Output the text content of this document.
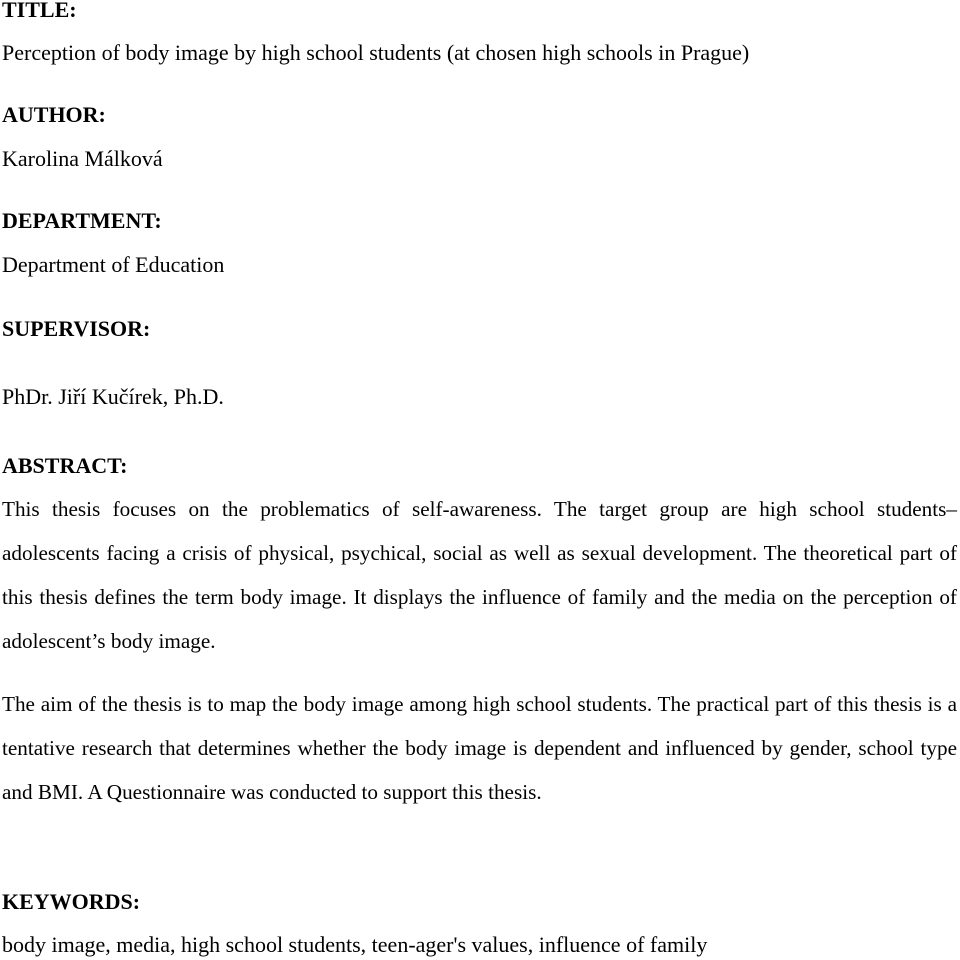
TITLE:
Perception of body image by high school students (at chosen high schools in Prague)
AUTHOR:
Karolina Málková
DEPARTMENT:
Department of Education
SUPERVISOR:
PhDr. Jiří Kučírek, Ph.D.
ABSTRACT:

This thesis focuses on the problematics of self-awareness. The target group are high school students– adolescents facing a crisis of physical, psychical, social as well as sexual development. The theoretical part of this thesis defines the term body image. It displays the influence of family and the media on the perception of adolescent’s body image.

The aim of the thesis is to map the body image among high school students. The practical part of this thesis is a tentative research that determines whether the body image is dependent and influenced by gender, school type and BMI. A Questionnaire was conducted to support this thesis.

KEYWORDS:
body image, media, high school students, teen-ager's values, influence of family
